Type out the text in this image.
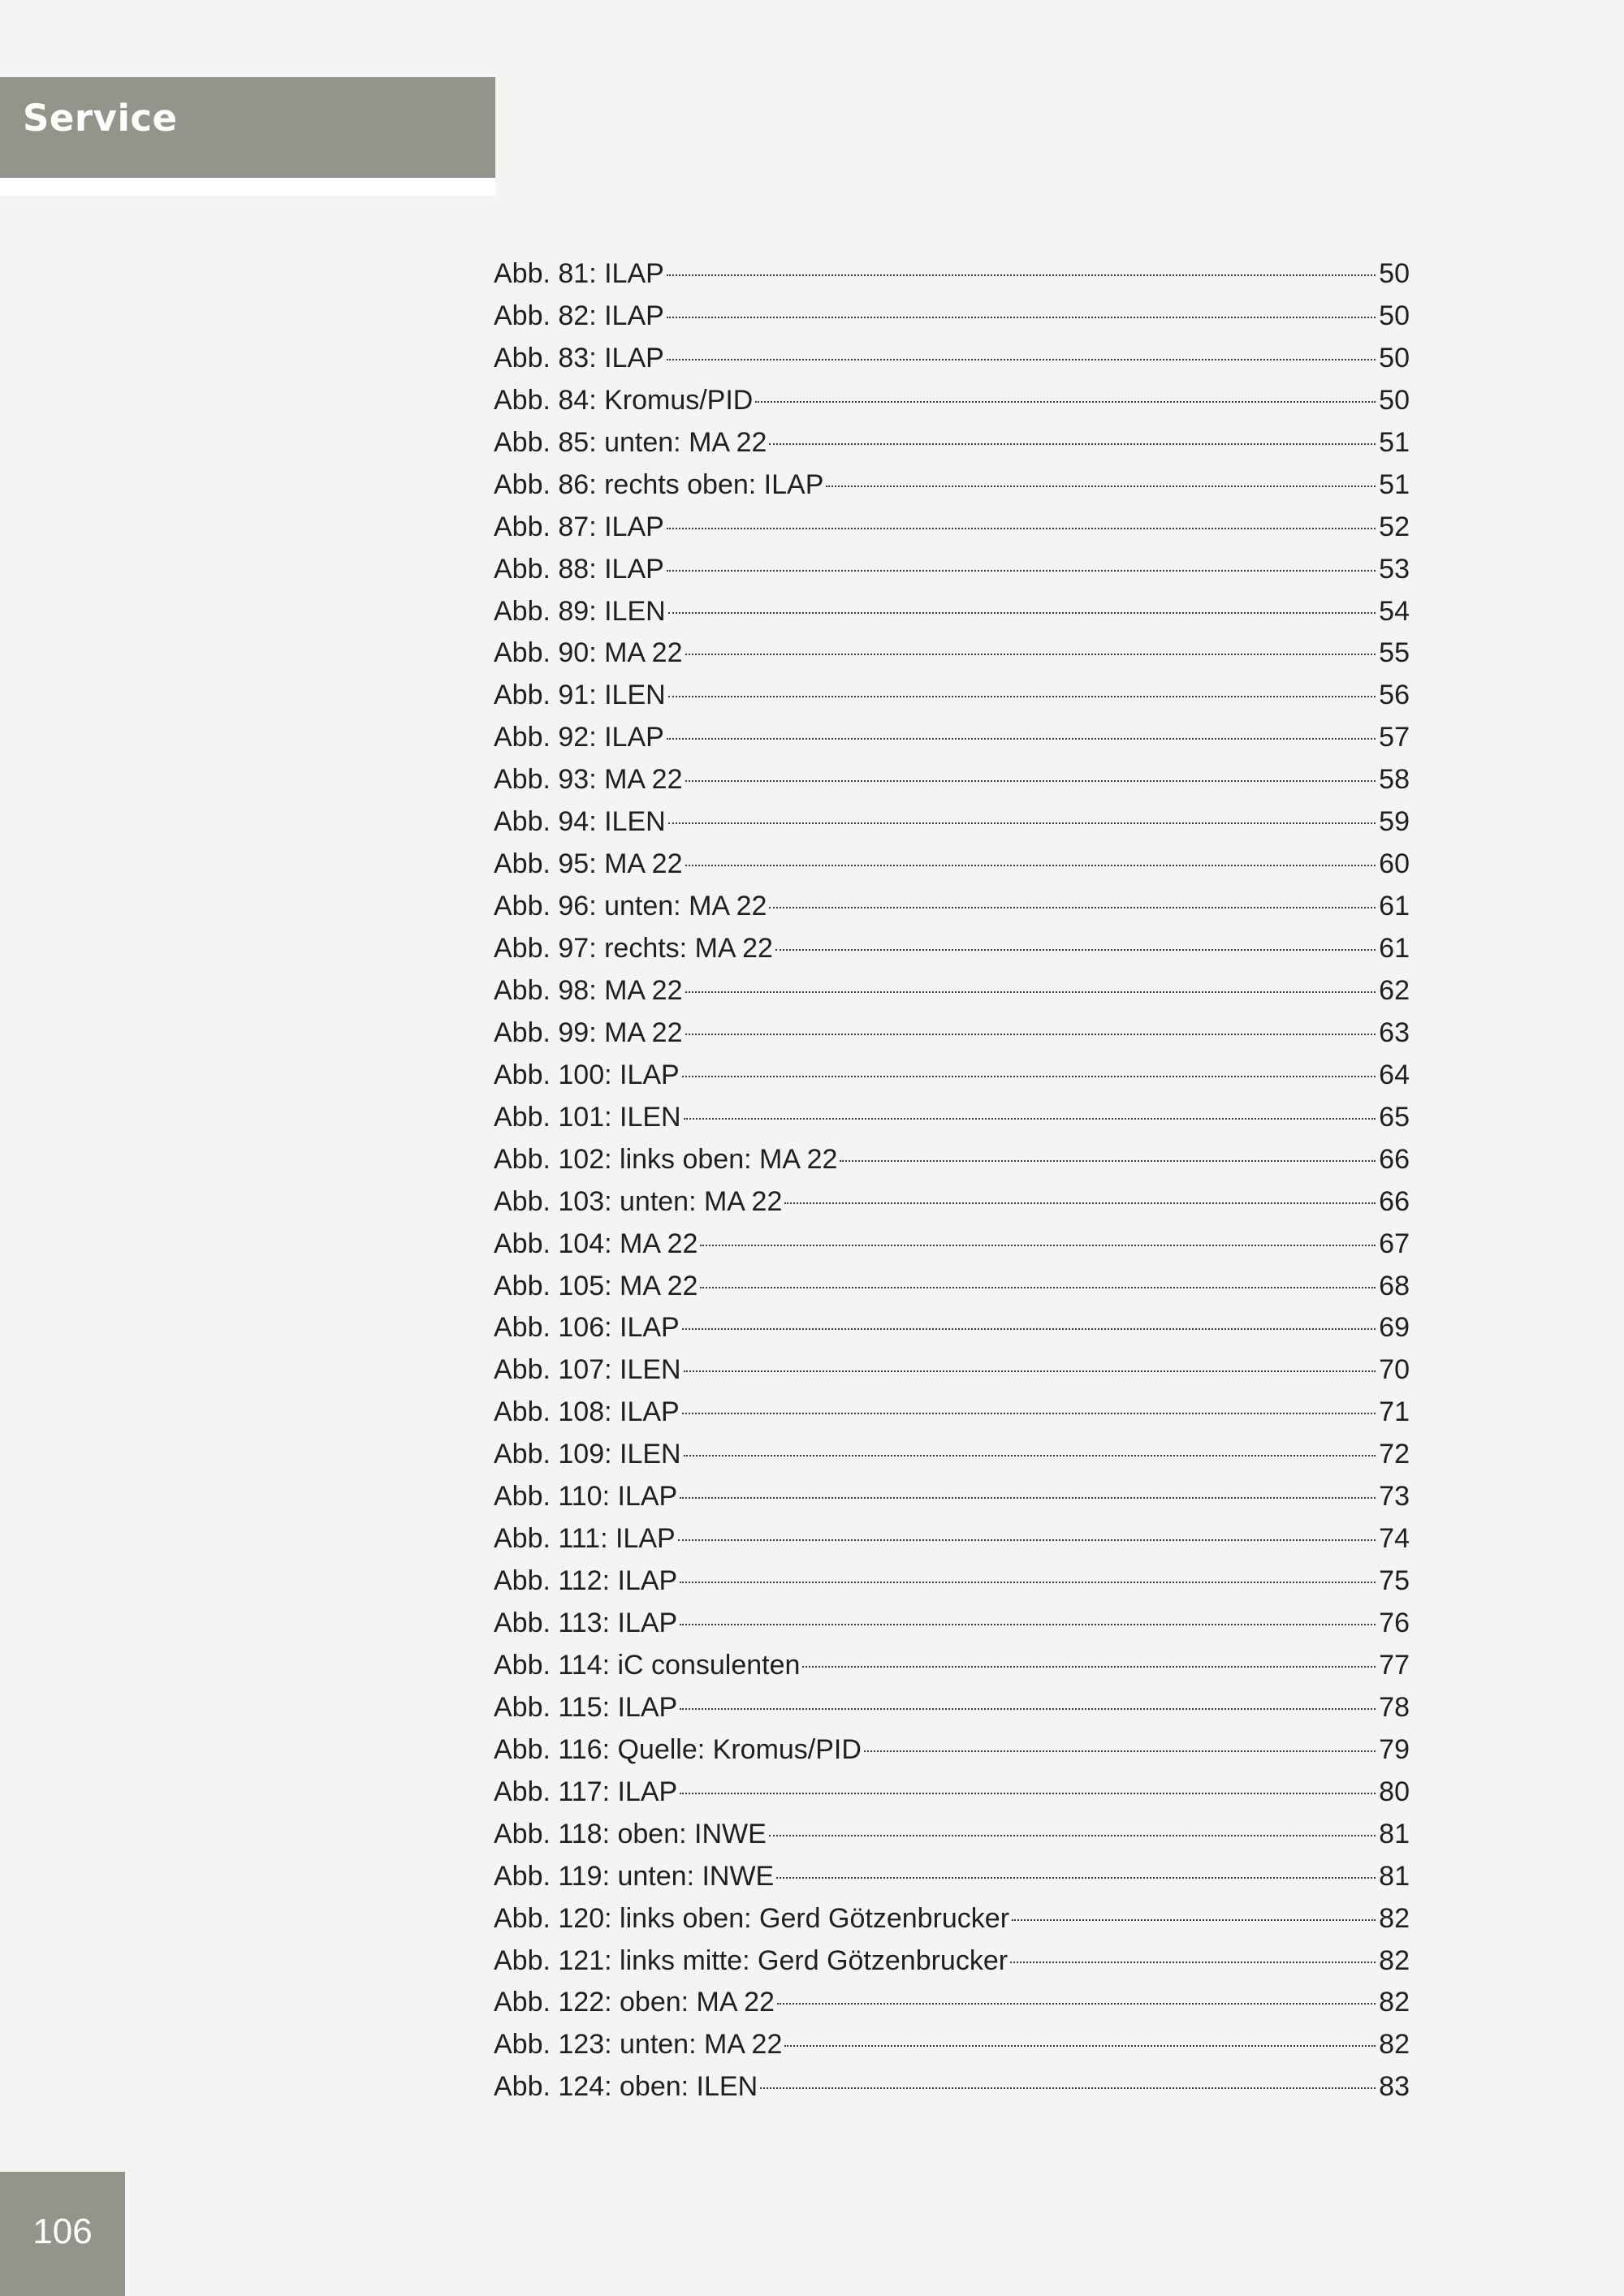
Service
Abb. 81: ILAP	50
Abb. 82: ILAP	50
Abb. 83: ILAP	50
Abb. 84: Kromus/PID	50
Abb. 85: unten: MA 22	51
Abb. 86: rechts oben: ILAP	51
Abb. 87: ILAP	52
Abb. 88: ILAP	53
Abb. 89: ILEN	54
Abb. 90: MA 22	55
Abb. 91: ILEN	56
Abb. 92: ILAP	57
Abb. 93: MA 22	58
Abb. 94: ILEN	59
Abb. 95: MA 22	60
Abb. 96: unten: MA 22	61
Abb. 97: rechts: MA 22	61
Abb. 98: MA 22	62
Abb. 99: MA 22	63
Abb. 100: ILAP	64
Abb. 101: ILEN	65
Abb. 102: links oben: MA 22	66
Abb. 103: unten: MA 22	66
Abb. 104: MA 22	67
Abb. 105: MA 22	68
Abb. 106: ILAP	69
Abb. 107: ILEN	70
Abb. 108: ILAP	71
Abb. 109: ILEN	72
Abb. 110: ILAP	73
Abb. 111: ILAP	74
Abb. 112: ILAP	75
Abb. 113: ILAP	76
Abb. 114: iC consulenten	77
Abb. 115: ILAP	78
Abb. 116: Quelle: Kromus/PID	79
Abb. 117: ILAP	80
Abb. 118: oben: INWE	81
Abb. 119: unten: INWE	81
Abb. 120: links oben: Gerd Götzenbrucker	82
Abb. 121: links mitte: Gerd Götzenbrucker	82
Abb. 122: oben: MA 22	82
Abb. 123: unten: MA 22	82
Abb. 124: oben: ILEN	83
106
